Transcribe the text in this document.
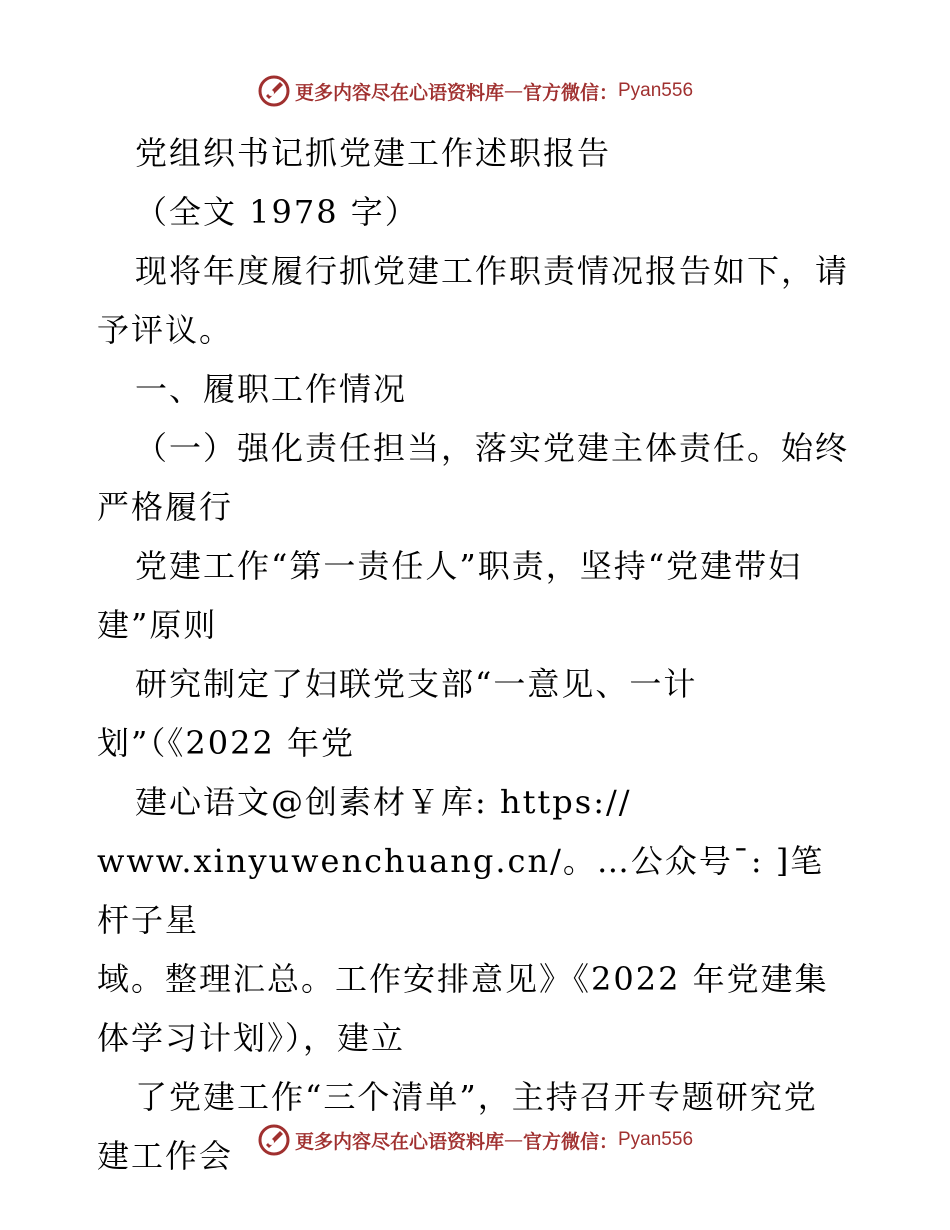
更多内容尽在心语资料库 — 官方微信： Pyan556

党组织书记抓党建工作述职报告

（全文 1978 字）

现将年度履行抓党建工作职责情况报告如下，请

予评议。

一、履职工作情况

（一）强化责任担当，落实党建主体责任。始终

严格履行

党建工作“第一责任人”职责，坚持“党建带妇

建”原则

研究制定了妇联党支部“一意见、一计

划”（《2022 年党

建心语文@创素材￥库: https://

www.xinyuwenchuang.cn/。…公众号¯: ]笔杆子星

域。整理汇总。工作安排意见》《2022 年党建集

体学习计划》），建立

了党建工作“三个清单”，主持召开专题研究党

建工作会	更多内容尽在心语资料库 — 官方微信： Pyan556
